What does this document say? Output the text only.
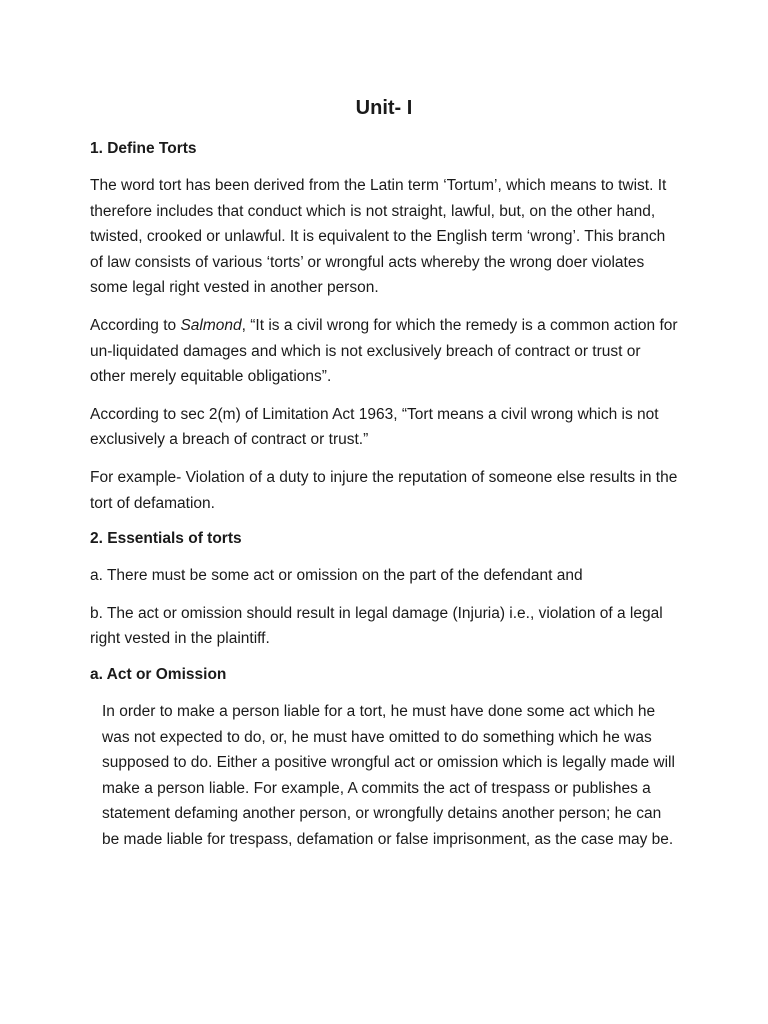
Unit- I
1. Define Torts

The word tort has been derived from the Latin term ‘Tortum’, which means to twist. It therefore includes that conduct which is not straight, lawful, but, on the other hand, twisted, crooked or unlawful. It is equivalent to the English term ‘wrong’. This branch of law consists of various ‘torts’ or wrongful acts whereby the wrong doer violates some legal right vested in another person.

According to Salmond, “It is a civil wrong for which the remedy is a common action for un-liquidated damages and which is not exclusively breach of contract or trust or other merely equitable obligations”.

According to sec 2(m) of Limitation Act 1963, “Tort means a civil wrong which is not exclusively a breach of contract or trust.”

For example- Violation of a duty to injure the reputation of someone else results in the tort of defamation.

2. Essentials of torts

a. There must be some act or omission on the part of the defendant and

b. The act or omission should result in legal damage (Injuria) i.e., violation of a legal right vested in the plaintiff.

a. Act or Omission

In order to make a person liable for a tort, he must have done some act which he was not expected to do, or, he must have omitted to do something which he was supposed to do. Either a positive wrongful act or omission which is legally made will make a person liable. For example, A commits the act of trespass or publishes a statement defaming another person, or wrongfully detains another person; he can be made liable for trespass, defamation or false imprisonment, as the case may be.
